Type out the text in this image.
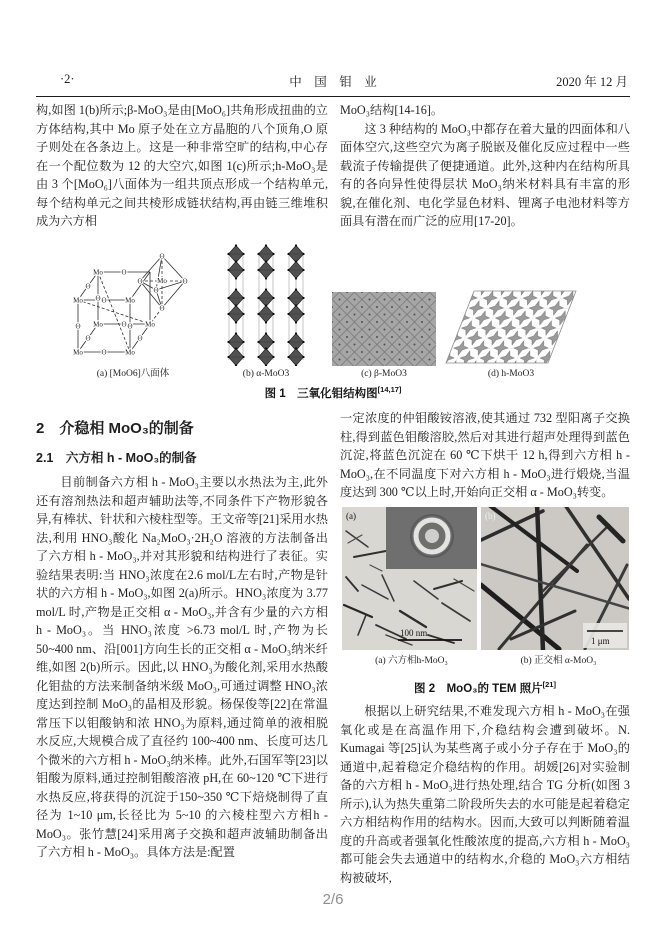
·2·	中　国　钼　业	2020 年 12 月

构,如图 1(b)所示;β-MoO₃是由[MoO₆]共角形成扭曲的立方体结构,其中 Mo 原子处在立方晶胞的八个顶角,O 原子则处在各条边上。这是一种非常空旷的结构,中心存在一个配位数为 12 的大空穴,如图 1(c)所示;h-MoO₃是由 3 个[MoO₆]八面体为一组共顶点形成一个结构单元,每个结构单元之间共棱形成链状结构,再由链三维堆积成为六方相

MoO₃结构[14-16]。

这 3 种结构的 MoO₃中都存在着大量的四面体和八面体空穴,这些空穴为离子脱嵌及催化反应过程中一些载流子传输提供了便捷通道。此外,这种内在结构所具有的各向异性使得层状 MoO₃纳米材料具有丰富的形貌,在催化剂、电化学显色材料、锂离子电池材料等方面具有潜在而广泛的应用[17-20]。

Mo
Mo	Mo
Mo	Mo
Mo	Mo
Mo
O
O
O
O
O
O
O
O
O	O
O
O	O
O
O
(a) [MoO6]八面体	(b) α-MoO3	(c) β-MoO3	(d) h-MoO3
图 1　三氧化钼结构图[14,17]
2　介稳相 MoO₃的制备
2.1　六方相 h - MoO₃的制备

目前制备六方相 h - MoO₃主要以水热法为主,此外还有溶剂热法和超声辅助法等,不同条件下产物形貌各异,有棒状、针状和六棱柱型等。王文帝等[21]采用水热法,利用 HNO₃酸化 Na₂MoO₃·2H₂O 溶液的方法制备出了六方相 h - MoO₃,并对其形貌和结构进行了表征。实验结果表明:当 HNO₃浓度在2.6 mol/L左右时,产物是针状的六方相 h - MoO₃,如图 2(a)所示。HNO₃浓度为 3.77 mol/L 时,产物是正交相 α - MoO₃,并含有少量的六方相 h - MoO₃。当 HNO₃浓度 >6.73 mol/L 时,产物为长 50~400 nm、沿[001]方向生长的正交相 α - MoO₃纳米纤维,如图 2(b)所示。因此,以 HNO₃为酸化剂,采用水热酸化钼盐的方法来制备纳米级 MoO₃,可通过调整 HNO₃浓度达到控制 MoO₃的晶相及形貌。杨保俊等[22]在常温常压下以钼酸钠和浓 HNO₃为原料,通过简单的液相脱水反应,大规模合成了直径约 100~400 nm、长度可达几个微米的六方相 h - MoO₃纳米棒。此外,石国军等[23]以钼酸为原料,通过控制钼酸溶液 pH,在 60~120 ℃下进行水热反应,将获得的沉淀于150~350 ℃下焙烧制得了直径为 1~10 μm,长径比为 5~10 的六棱柱型六方相h - MoO₃。张竹慧[24]采用离子交换和超声波辅助制备出了六方相 h - MoO₃。具体方法是:配置

一定浓度的仲钼酸铵溶液,使其通过 732 型阳离子交换柱,得到蓝色钼酸溶胶,然后对其进行超声处理得到蓝色沉淀,将蓝色沉淀在 60 ℃下烘干 12 h,得到六方相 h - MoO₃,在不同温度下对六方相 h - MoO₃进行煅烧,当温度达到 300 ℃以上时,开始向正交相 α - MoO₃转变。

(a)
100 nm
(b)
1 μm
(a) 六方相h-MoO₃	(b) 正交相 α-MoO₃
图 2　MoO₃的 TEM 照片[21]

根据以上研究结果,不难发现六方相 h - MoO₃在强氧化或是在高温作用下,介稳结构会遭到破坏。N. Kumagai 等[25]认为某些离子或小分子存在于 MoO₃的通道中,起着稳定介稳结构的作用。胡媛[26]对实验制备的六方相 h - MoO₃进行热处理,结合 TG 分析(如图 3 所示),认为热失重第二阶段所失去的水可能是起着稳定六方相结构作用的结构水。因而,大致可以判断随着温度的升高或者强氧化性酸浓度的提高,六方相 h - MoO₃都可能会失去通道中的结构水,介稳的 MoO₃六方相结构被破坏,

2/6
